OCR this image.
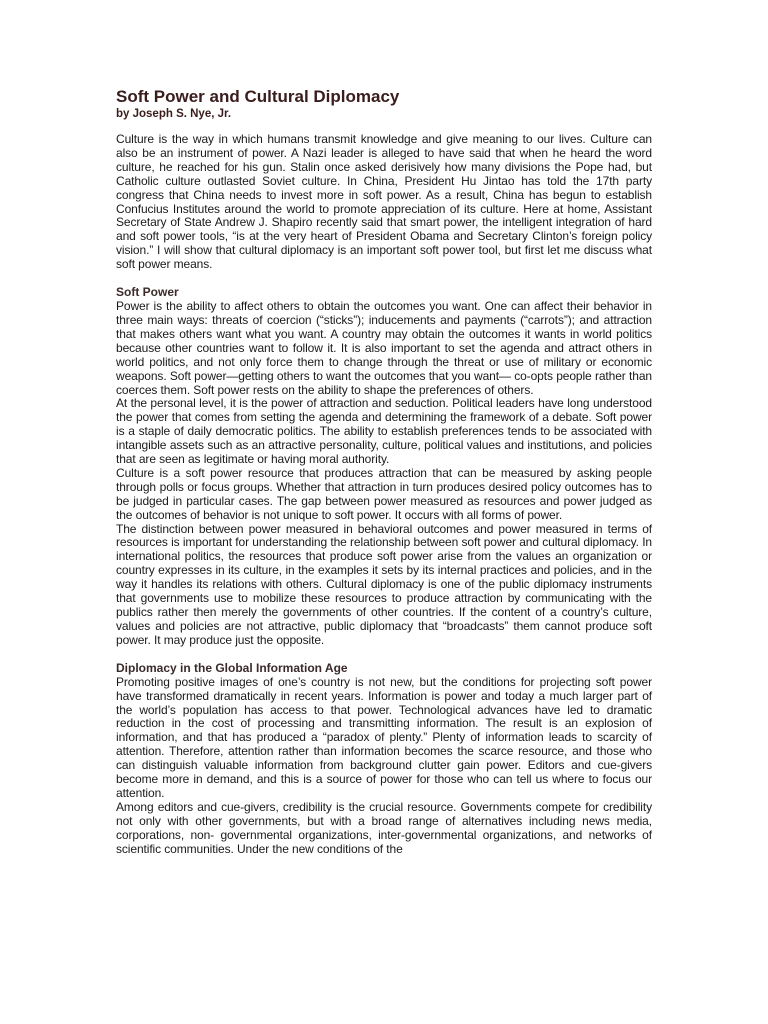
Soft Power and Cultural Diplomacy
by Joseph S. Nye, Jr.

Culture is the way in which humans transmit knowledge and give meaning to our lives. Culture can also be an instrument of power. A Nazi leader is alleged to have said that when he heard the word culture, he reached for his gun. Stalin once asked derisively how many divisions the Pope had, but Catholic culture outlasted Soviet culture. In China, President Hu Jintao has told the 17th party congress that China needs to invest more in soft power. As a result, China has begun to establish Confucius Institutes around the world to promote appreciation of its culture. Here at home, Assistant Secretary of State Andrew J. Shapiro recently said that smart power, the intelligent integration of hard and soft power tools, “is at the very heart of President Obama and Secretary Clinton’s foreign policy vision.” I will show that cultural diplomacy is an important soft power tool, but first let me discuss what soft power means.

Soft Power

Power is the ability to affect others to obtain the outcomes you want. One can affect their behavior in three main ways: threats of coercion (“sticks”); inducements and payments (“carrots”); and attraction that makes others want what you want. A country may obtain the outcomes it wants in world politics because other countries want to follow it. It is also important to set the agenda and attract others in world politics, and not only force them to change through the threat or use of military or economic weapons. Soft power—getting others to want the outcomes that you want— co-opts people rather than coerces them. Soft power rests on the ability to shape the preferences of others.

At the personal level, it is the power of attraction and seduction. Political leaders have long understood the power that comes from setting the agenda and determining the framework of a debate. Soft power is a staple of daily democratic politics. The ability to establish preferences tends to be associated with intangible assets such as an attractive personality, culture, political values and institutions, and policies that are seen as legitimate or having moral authority.

Culture is a soft power resource that produces attraction that can be measured by asking people through polls or focus groups. Whether that attraction in turn produces desired policy outcomes has to be judged in particular cases. The gap between power measured as resources and power judged as the outcomes of behavior is not unique to soft power. It occurs with all forms of power.

The distinction between power measured in behavioral outcomes and power measured in terms of resources is important for understanding the relationship between soft power and cultural diplomacy. In international politics, the resources that produce soft power arise from the values an organization or country expresses in its culture, in the examples it sets by its internal practices and policies, and in the way it handles its relations with others. Cultural diplomacy is one of the public diplomacy instruments that governments use to mobilize these resources to produce attraction by communicating with the publics rather then merely the governments of other countries. If the content of a country’s culture, values and policies are not attractive, public diplomacy that “broadcasts” them cannot produce soft power. It may produce just the opposite.

Diplomacy in the Global Information Age

Promoting positive images of one’s country is not new, but the conditions for projecting soft power have transformed dramatically in recent years. Information is power and today a much larger part of the world’s population has access to that power. Technological advances have led to dramatic reduction in the cost of processing and transmitting information. The result is an explosion of information, and that has produced a “paradox of plenty.” Plenty of information leads to scarcity of attention. Therefore, attention rather than information becomes the scarce resource, and those who can distinguish valuable information from background clutter gain power. Editors and cue-givers become more in demand, and this is a source of power for those who can tell us where to focus our attention.

Among editors and cue-givers, credibility is the crucial resource. Governments compete for credibility not only with other governments, but with a broad range of alternatives including news media, corporations, non- governmental organizations, inter-governmental organizations, and networks of scientific communities. Under the new conditions of the
